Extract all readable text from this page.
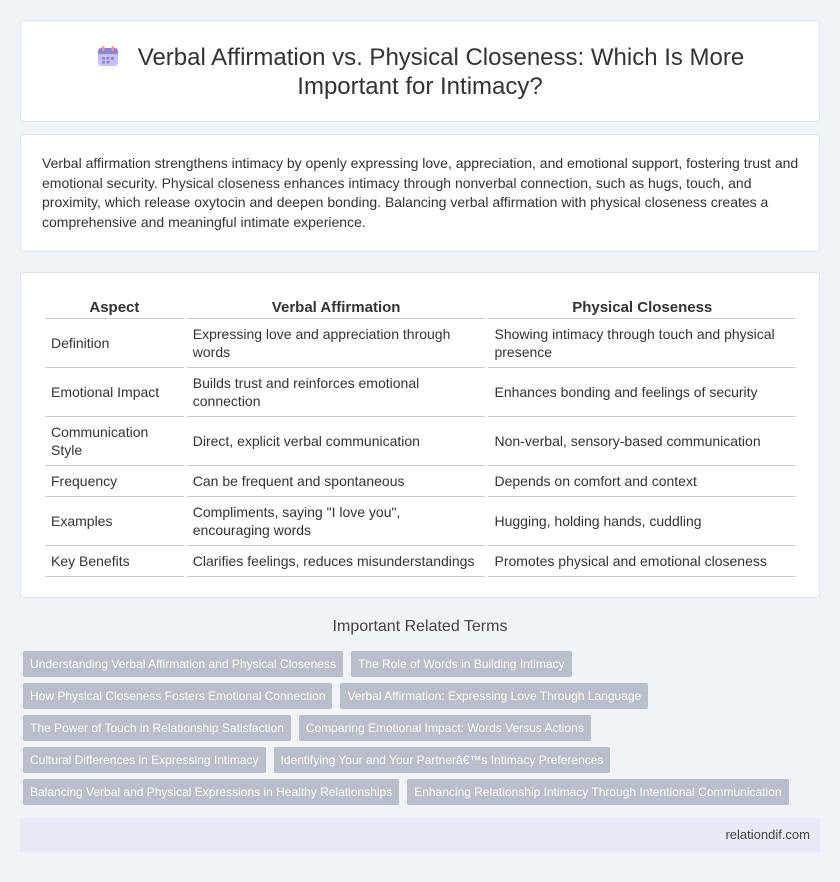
Verbal Affirmation vs. Physical Closeness: Which Is More Important for Intimacy?

Verbal affirmation strengthens intimacy by openly expressing love, appreciation, and emotional support, fostering trust and emotional security. Physical closeness enhances intimacy through nonverbal connection, such as hugs, touch, and proximity, which release oxytocin and deepen bonding. Balancing verbal affirmation with physical closeness creates a comprehensive and meaningful intimate experience.

Aspect	Verbal Affirmation	Physical Closeness
Definition	Expressing love and appreciation through words	Showing intimacy through touch and physical presence
Emotional Impact	Builds trust and reinforces emotional connection	Enhances bonding and feelings of security
Communication Style	Direct, explicit verbal communication	Non-verbal, sensory-based communication
Frequency	Can be frequent and spontaneous	Depends on comfort and context
Examples	Compliments, saying "I love you", encouraging words	Hugging, holding hands, cuddling
Key Benefits	Clarifies feelings, reduces misunderstandings	Promotes physical and emotional closeness
Important Related Terms
Understanding Verbal Affirmation and Physical Closeness	The Role of Words in Building Intimacy
How Physical Closeness Fosters Emotional Connection	Verbal Affirmation: Expressing Love Through Language
The Power of Touch in Relationship Satisfaction	Comparing Emotional Impact: Words Versus Actions
Cultural Differences in Expressing Intimacy	Identifying Your and Your Partnerâ€™s Intimacy Preferences
Balancing Verbal and Physical Expressions in Healthy Relationships	Enhancing Relationship Intimacy Through Intentional Communication
relationdif.com
